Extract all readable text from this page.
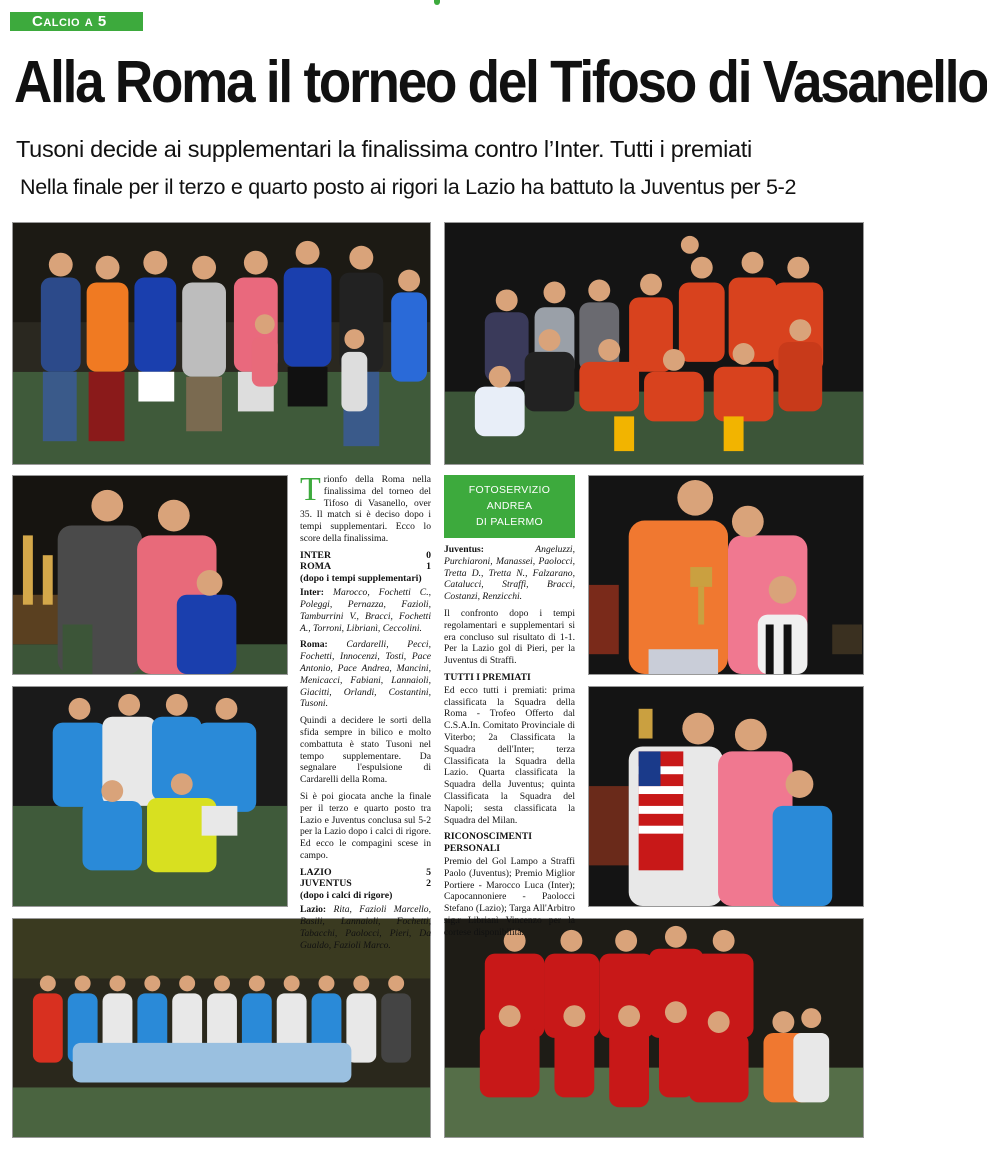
Calcio a 5
Alla Roma il torneo del Tifoso di Vasanello
Tusoni decide ai supplementari la finalissima contro l’Inter. Tutti i premiati
Nella finale per il terzo e quarto posto ai rigori la Lazio ha battuto la Juventus per 5-2
FOTOSERVIZIO
ANDREA
DI PALERMO

Trionfo della Roma nella finalissima del torneo del Tifoso di Vasanello, over 35. Il match si è deciso dopo i tempi supplementari. Ecco lo score della finalissima.

INTER	0
ROMA	1
(dopo i tempi supplementari)	

Inter: Marocco, Fochetti C., Poleggi, Pernazza, Fazioli, Tamburrini V., Bracci, Fochetti A., Torroni, Librianì, Ceccolini.

Roma: Cardarelli, Pecci, Fochetti, Innocenzi, Tosti, Pace Antonio, Pace Andrea, Mancini, Menicacci, Fabiani, Lannaioli, Giacitti, Orlandi, Costantini, Tusoni.

Quindi a decidere le sorti della sfida sempre in bilico e molto combattuta è stato Tusoni nel tempo supplementare. Da segnalare l'espulsione di Cardarelli della Roma.

Si è poi giocata anche la finale per il terzo e quarto posto tra Lazio e Juventus conclusa sul 5-2 per la Lazio dopo i calci di rigore. Ed ecco le compagini scese in campo.

LAZIO	5
JUVENTUS	2
(dopo i calci di rigore)	

Lazio: Rita, Fazioli Marcello, Basili, Lannaioli, Fochetti, Tabacchi, Paolocci, Pieri, Da Gualdo, Fazioli Marco.

Juventus:	Angeluzzi, Purchiaroni, Manassei, Paolocci, Tretta D., Tretta N., Falzarano, Catalucci, Straffi, Bracci, Costanzi, Renzicchi.

Il confronto dopo i tempi regolamentari e supplementari si era concluso sul risultato di 1-1. Per la Lazio gol di Pieri, per la Juventus di Straffi.

TUTTI I PREMIATI

Ed ecco tutti i premiati: prima classificata la Squadra della Roma - Trofeo Offerto dal C.S.A.In. Comitato Provinciale di Viterbo; 2a Classificata la Squadra dell'Inter; terza Classificata la Squadra della Lazio. Quarta classificata la Squadra della Juventus; quinta Classificata la Squadra del Napoli; sesta classificata la Squadra del Milan.

RICONOSCIMENTI PERSONALI

Premio del Gol Lampo a Straffi Paolo (Juventus); Premio Miglior Portiere - Marocco Luca (Inter); Capocannoniere - Paolocci Stefano (Lazio); Targa All'Arbitro sig.r Librianì Vincenzo per la cortese disponibilità.
